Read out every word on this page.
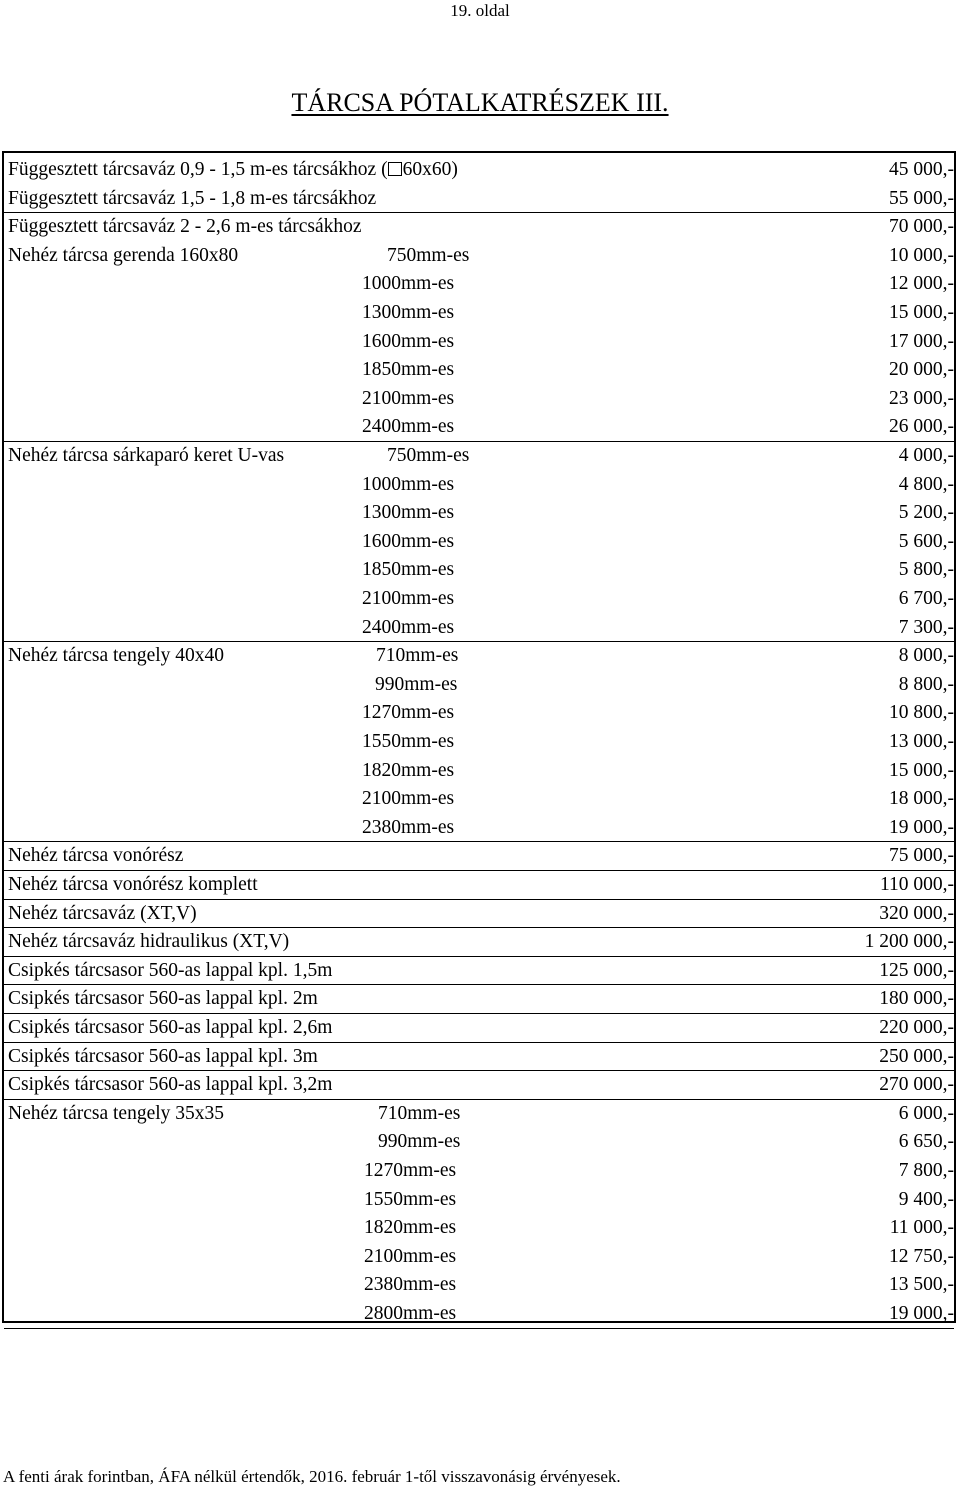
19. oldal
TÁRCSA PÓTALKATRÉSZEK III.
Függesztett tárcsaváz 0,9 - 1,5 m-es tárcsákhoz ( 60x60)	45 000,-
Függesztett tárcsaváz 1,5 - 1,8 m-es tárcsákhoz	55 000,-
Függesztett tárcsaváz 2 - 2,6 m-es tárcsákhoz	70 000,-
Nehéz tárcsa gerenda 160x80	750mm-es	10 000,-
1000mm-es	12 000,-
1300mm-es	15 000,-
1600mm-es	17 000,-
1850mm-es	20 000,-
2100mm-es	23 000,-
2400mm-es	26 000,-
Nehéz tárcsa sárkaparó keret U-vas	750mm-es	4 000,-
1000mm-es	4 800,-
1300mm-es	5 200,-
1600mm-es	5 600,-
1850mm-es	5 800,-
2100mm-es	6 700,-
2400mm-es	7 300,-
Nehéz tárcsa tengely 40x40	710mm-es	8 000,-
990mm-es	8 800,-
1270mm-es	10 800,-
1550mm-es	13 000,-
1820mm-es	15 000,-
2100mm-es	18 000,-
2380mm-es	19 000,-
Nehéz tárcsa vonórész	75 000,-
Nehéz tárcsa vonórész komplett	110 000,-
Nehéz tárcsaváz (XT,V)	320 000,-
Nehéz tárcsaváz hidraulikus (XT,V)	1 200 000,-
Csipkés tárcsasor 560-as lappal kpl. 1,5m	125 000,-
Csipkés tárcsasor 560-as lappal kpl. 2m	180 000,-
Csipkés tárcsasor 560-as lappal kpl. 2,6m	220 000,-
Csipkés tárcsasor 560-as lappal kpl. 3m	250 000,-
Csipkés tárcsasor 560-as lappal kpl. 3,2m	270 000,-
Nehéz tárcsa tengely 35x35	710mm-es	6 000,-
990mm-es	6 650,-
1270mm-es	7 800,-
1550mm-es	9 400,-
1820mm-es	11 000,-
2100mm-es	12 750,-
2380mm-es	13 500,-
2800mm-es	19 000,-
A fenti árak forintban, ÁFA nélkül értendők, 2016. február 1-től visszavonásig érvényesek.
